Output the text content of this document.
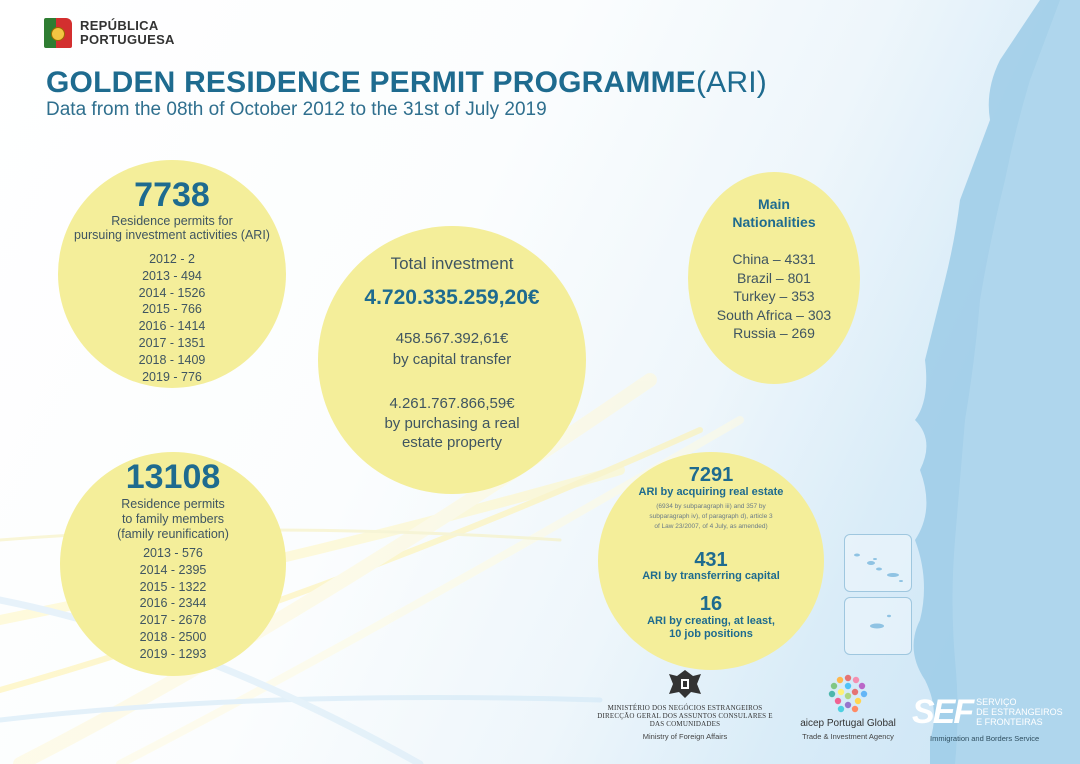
REPÚBLICA
PORTUGUESA
GOLDEN RESIDENCE PERMIT PROGRAMME(ARI)
Data from the 08th of October 2012 to the 31st of July 2019
7738
Residence permits for
pursuing investment activities (ARI)
2012 - 2
2013 - 494
2014 - 1526
2015 - 766
2016 - 1414
2017 - 1351
2018 - 1409
2019 - 776
Total investment
4.720.335.259,20€
458.567.392,61€
by capital transfer
4.261.767.866,59€
by purchasing a real
estate property
Main
Nationalities
China – 4331
Brazil – 801
Turkey – 353
South Africa – 303
Russia – 269
13108
Residence permits
to family members
(family reunification)
2013 - 576
2014 - 2395
2015 - 1322
2016 - 2344
2017 - 2678
2018 - 2500
2019 - 1293
7291
ARI by acquiring real estate
(6934 by subparagraph iii) and 357 by
subparagraph iv), of paragraph d), article 3
of Law 23/2007, of 4 July, as amended)
431
ARI by transferring capital
16
ARI by creating, at least,
10 job positions
MINISTÉRIO DOS NEGÓCIOS ESTRANGEIROS
DIRECÇÃO GERAL DOS ASSUNTOS CONSULARES E
DAS COMUNIDADES
Ministry of Foreign Affairs
aicep Portugal Global
Trade & Investment Agency
SEF SERVIÇO
DE ESTRANGEIROS
E FRONTEIRAS
Immigration and Borders Service
